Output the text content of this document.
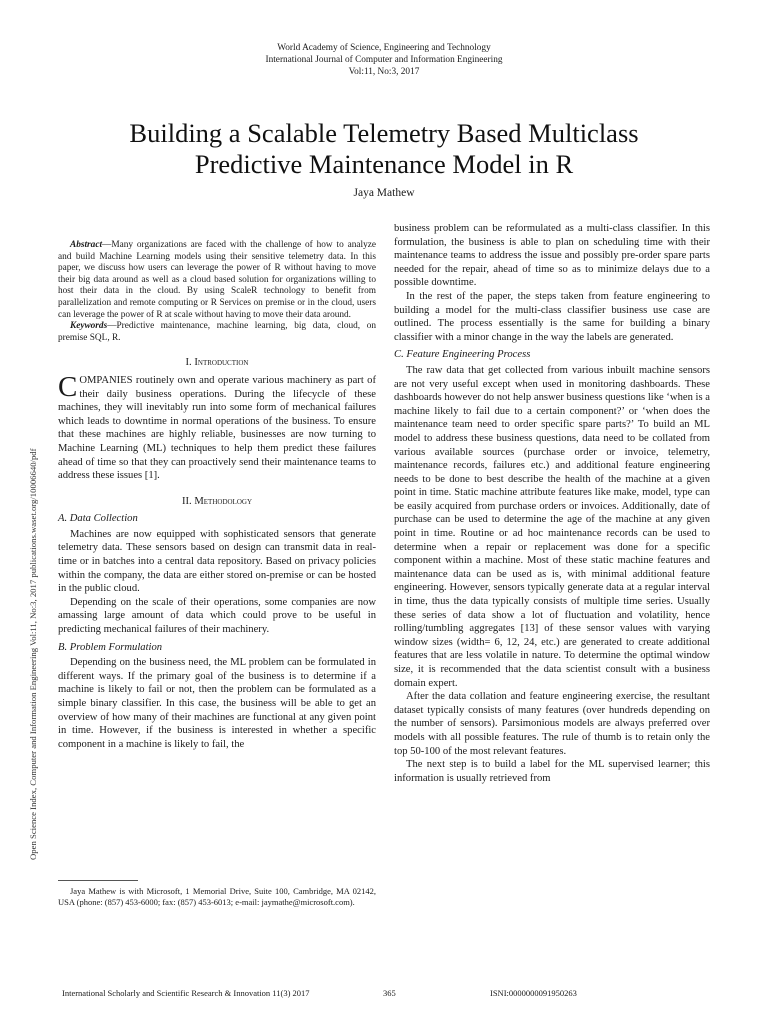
World Academy of Science, Engineering and Technology
International Journal of Computer and Information Engineering
Vol:11, No:3, 2017
Building a Scalable Telemetry Based Multiclass
Predictive Maintenance Model in R
Jaya Mathew
Open Science Index, Computer and Information Engineering Vol:11, No:3, 2017 publications.waset.org/10006640/pdf

Abstract—Many organizations are faced with the challenge of how to analyze and build Machine Learning models using their sensitive telemetry data. In this paper, we discuss how users can leverage the power of R without having to move their big data around as well as a cloud based solution for organizations willing to host their data in the cloud. By using ScaleR technology to benefit from parallelization and remote computing or R Services on premise or in the cloud, users can leverage the power of R at scale without having to move their data around.

Keywords—Predictive maintenance, machine learning, big data, cloud, on premise SQL, R.

I. Introduction

COMPANIES routinely own and operate various machinery as part of their daily business operations. During the lifecycle of these machines, they will inevitably run into some form of mechanical failures which leads to downtime in normal operations of the business. To ensure that these machines are highly reliable, businesses are now turning to Machine Learning (ML) techniques to help them predict these failures ahead of time so that they can proactively send their maintenance teams to address these issues [1].

II. Methodology
A. Data Collection

Machines are now equipped with sophisticated sensors that generate telemetry data. These sensors based on design can transmit data in real-time or in batches into a central data repository. Based on privacy policies within the company, the data are either stored on-premise or can be hosted in the public cloud.

Depending on the scale of their operations, some companies are now amassing large amount of data which could prove to be useful in predicting mechanical failures of their machinery.

B. Problem Formulation

Depending on the business need, the ML problem can be formulated in different ways. If the primary goal of the business is to determine if a machine is likely to fail or not, then the problem can be formulated as a simple binary classifier. In this case, the business will be able to get an overview of how many of their machines are functional at any given point in time. However, if the business is interested in whether a specific component in a machine is likely to fail, the

Jaya Mathew is with Microsoft, 1 Memorial Drive, Suite 100, Cambridge, MA 02142, USA (phone: (857) 453-6000; fax: (857) 453-6013; e-mail: jaymathe@microsoft.com).

business problem can be reformulated as a multi-class classifier. In this formulation, the business is able to plan on scheduling time with their maintenance teams to address the issue and possibly pre-order spare parts needed for the repair, ahead of time so as to minimize delays due to a possible downtime.

In the rest of the paper, the steps taken from feature engineering to building a model for the multi-class classifier business use case are outlined. The process essentially is the same for building a binary classifier with a minor change in the way the labels are generated.

C. Feature Engineering Process

The raw data that get collected from various inbuilt machine sensors are not very useful except when used in monitoring dashboards. These dashboards however do not help answer business questions like ‘when is a machine likely to fail due to a certain component?’ or ‘when does the maintenance team need to order specific spare parts?’ To build an ML model to address these business questions, data need to be collated from various available sources (purchase order or invoice, telemetry, maintenance records, failures etc.) and additional feature engineering needs to be done to best describe the health of the machine at a given point in time. Static machine attribute features like make, model, type can be easily acquired from purchase orders or invoices. Additionally, date of purchase can be used to determine the age of the machine at any given point in time. Routine or ad hoc maintenance records can be used to determine when a repair or replacement was done for a specific component within a machine. Most of these static machine features and maintenance data can be used as is, with minimal additional feature engineering. However, sensors typically generate data at a regular interval in time, thus the data typically consists of multiple time series. Usually these series of data show a lot of fluctuation and volatility, hence rolling/tumbling aggregates [13] of these sensor values with varying window sizes (width= 6, 12, 24, etc.) are generated to create additional features that are less volatile in nature. To determine the optimal window size, it is recommended that the data scientist consult with a business domain expert.

After the data collation and feature engineering exercise, the resultant dataset typically consists of many features (over hundreds depending on the number of sensors). Parsimonious models are always preferred over models with all possible features. The rule of thumb is to retain only the top 50-100 of the most relevant features.

The next step is to build a label for the ML supervised learner; this information is usually retrieved from

International Scholarly and Scientific Research & Innovation 11(3) 2017	365	ISNI:0000000091950263
